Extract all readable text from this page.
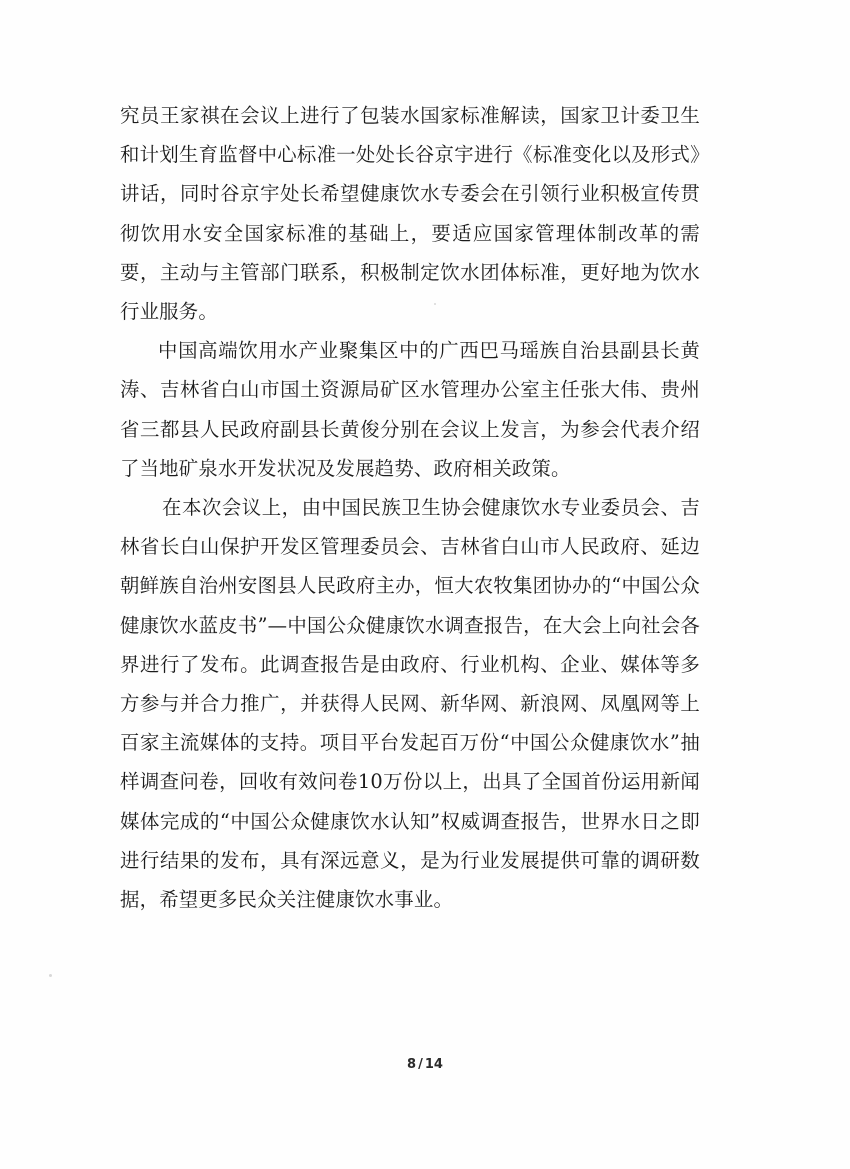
究员王家祺在会议上进行了包装水国家标准解读，国家卫计委卫生和计划生育监督中心标准一处处长谷京宇进行《标准变化以及形式》讲话，同时谷京宇处长希望健康饮水专委会在引领行业积极宣传贯彻饮用水安全国家标准的基础上，要适应国家管理体制改革的需要，主动与主管部门联系，积极制定饮水团体标准，更好地为饮水行业服务。

中国高端饮用水产业聚集区中的广西巴马瑶族自治县副县长黄涛、吉林省白山市国土资源局矿区水管理办公室主任张大伟、贵州省三都县人民政府副县长黄俊分别在会议上发言，为参会代表介绍了当地矿泉水开发状况及发展趋势、政府相关政策。

在本次会议上，由中国民族卫生协会健康饮水专业委员会、吉林省长白山保护开发区管理委员会、吉林省白山市人民政府、延边朝鲜族自治州安图县人民政府主办，恒大农牧集团协办的“中国公众健康饮水蓝皮书”—中国公众健康饮水调查报告，在大会上向社会各界进行了发布。此调查报告是由政府、行业机构、企业、媒体等多方参与并合力推广，并获得人民网、新华网、新浪网、凤凰网等上百家主流媒体的支持。项目平台发起百万份“中国公众健康饮水”抽样调查问卷，回收有效问卷10万份以上，出具了全国首份运用新闻媒体完成的“中国公众健康饮水认知”权威调查报告，世界水日之即进行结果的发布，具有深远意义，是为行业发展提供可靠的调研数据，希望更多民众关注健康饮水事业。

8 / 14
